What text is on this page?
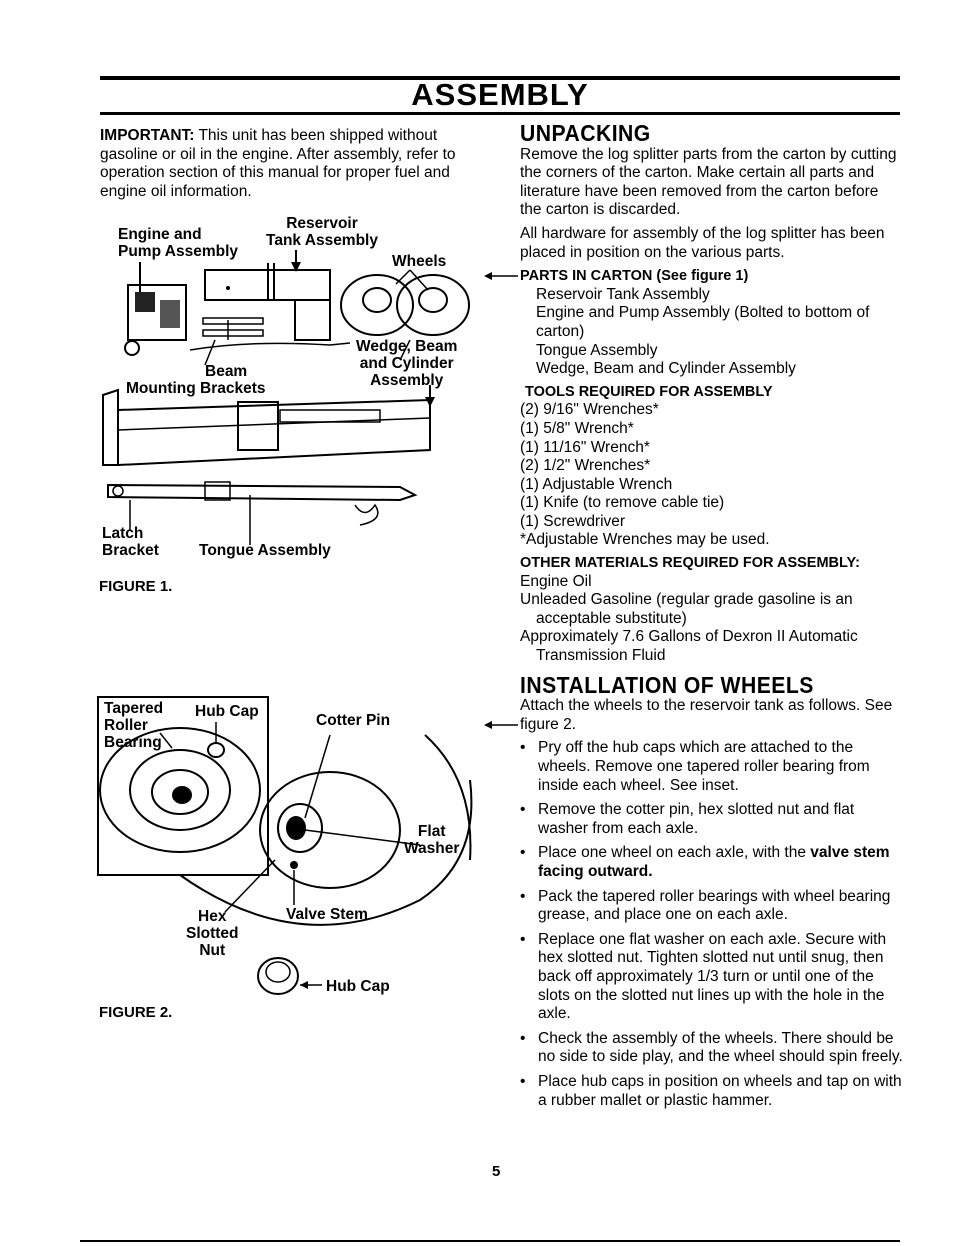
ASSEMBLY
IMPORTANT: This unit has been shipped without gasoline or oil in the engine. After assembly, refer to operation section of this manual for proper fuel and engine oil information.
Engine and
Pump Assembly
Reservoir
Tank Assembly
Wheels
Beam
Mounting Brackets
Wedge, Beam
and Cylinder
Assembly
Latch
Bracket	Tongue Assembly
FIGURE 1.
Tapered
Roller
Bearing
Hub Cap
Cotter Pin
Flat
Washer
Hex
Slotted
Nut
Valve Stem
Hub Cap
FIGURE 2.
UNPACKING
Remove the log splitter parts from the carton by cutting the corners of the carton. Make certain all parts and literature have been removed from the carton before the carton is discarded.
All hardware for assembly of the log splitter has been placed in position on the various parts.
PARTS IN CARTON (See figure 1)
Reservoir Tank Assembly
Engine and Pump Assembly (Bolted to bottom of carton)
Tongue Assembly
Wedge, Beam and Cylinder Assembly
TOOLS REQUIRED FOR ASSEMBLY
(2) 9/16" Wrenches*
(1) 5/8" Wrench*
(1) 11/16" Wrench*
(2) 1/2" Wrenches*
(1) Adjustable Wrench
(1) Knife (to remove cable tie)
(1) Screwdriver
*Adjustable Wrenches may be used.
OTHER MATERIALS REQUIRED FOR ASSEMBLY:
Engine Oil
Unleaded Gasoline (regular grade gasoline is an acceptable substitute)
Approximately 7.6 Gallons of Dexron II Automatic Transmission Fluid
INSTALLATION OF WHEELS
Attach the wheels to the reservoir tank as follows. See figure 2.
• Pry off the hub caps which are attached to the wheels. Remove one tapered roller bearing from inside each wheel. See inset.
• Remove the cotter pin, hex slotted nut and flat washer from each axle.
• Place one wheel on each axle, with the valve stem facing outward.
• Pack the tapered roller bearings with wheel bearing grease, and place one on each axle.
• Replace one flat washer on each axle. Secure with hex slotted nut. Tighten slotted nut until snug, then back off approximately 1/3 turn or until one of the slots on the slotted nut lines up with the hole in the axle.
• Check the assembly of the wheels. There should be no side to side play, and the wheel should spin freely.
• Place hub caps in position on wheels and tap on with a rubber mallet or plastic hammer.
5
